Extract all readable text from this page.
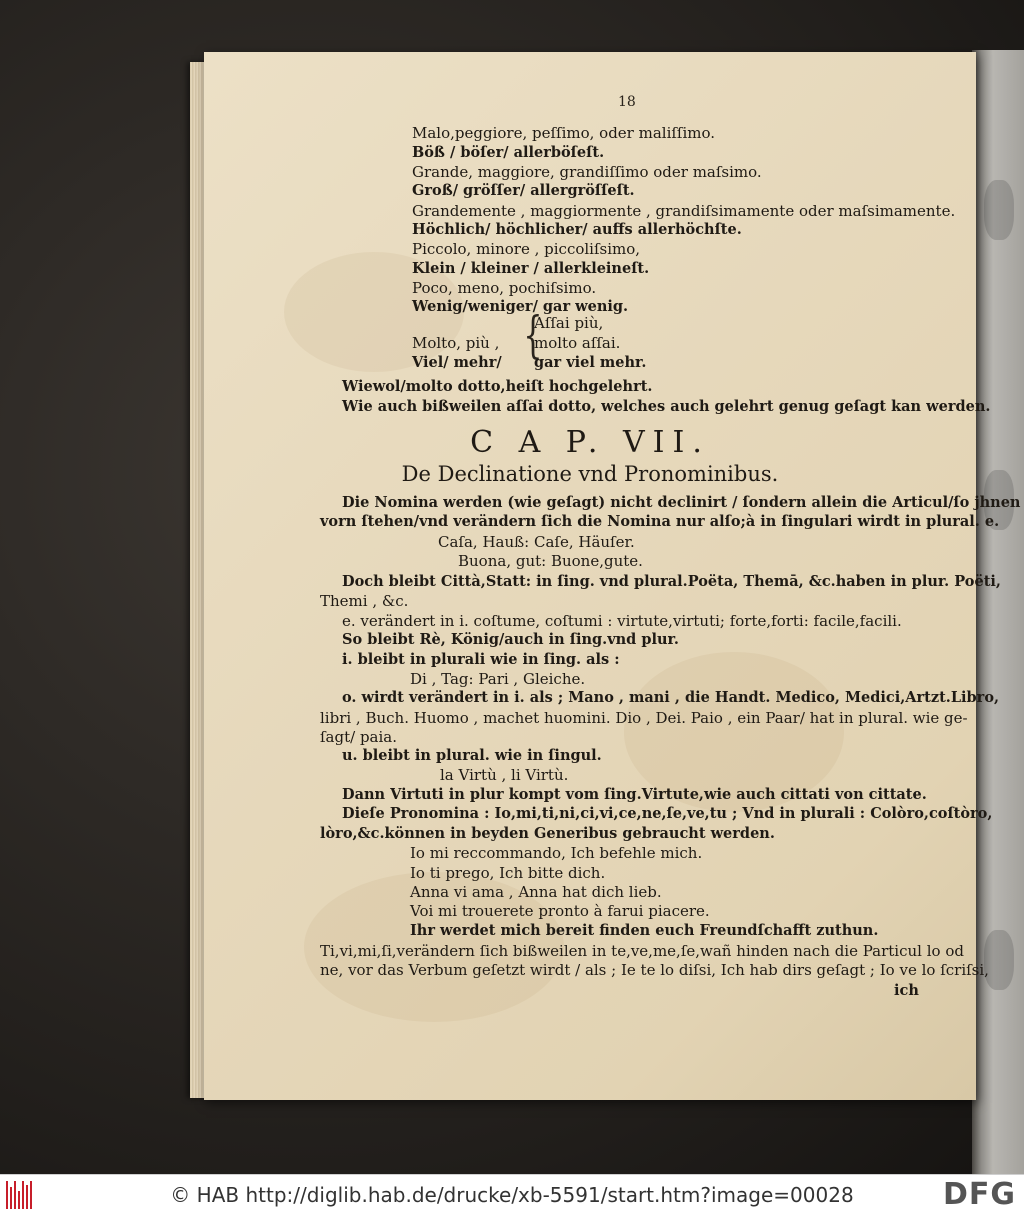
18
Malo,peggiore, peſſimo, oder maliſſimo.
Böß / böſer/ allerböſeſt.
Grande, maggiore, grandiſſimo oder maſsimo.
Groß/ gröſſer/ allergröſſeſt.
Grandemente , maggiormente , grandiſsimamente oder maſsimamente.
Höchlich/ höchlicher/ auffs allerhöchſte.
Piccolo, minore , piccoliſsimo,
Klein / kleiner / allerkleineſt.
Poco, meno, pochiſsimo.
Wenig/weniger/ gar wenig.
Aſſai più,
Molto, più , {
molto aſſai.
Viel/ mehr/ gar viel mehr.
Wiewol/molto dotto,heiſt hochgelehrt.
Wie auch bißweilen aſſai dotto, welches auch gelehrt genug geſagt kan werden.
C A P. VII.
De Declinatione vnd Pronominibus.
Die Nomina werden (wie geſagt) nicht declinirt / ſondern allein die Articul/ſo jhnen
vorn ſtehen/vnd verändern ſich die Nomina nur alſo;à in ſingulari wirdt in plural. e.
Caſa, Hauß: Caſe, Häuſer.
Buona, gut: Buone,gute.
Doch bleibt Città,Statt: in ſing. vnd plural.Poëta, Themā, &c.haben in plur. Poëti,
Themi , &c.
e. verändert in i. coſtume, coſtumi : virtute,virtuti; forte,forti: facile,facili.
So bleibt Rè, König/auch in ſing.vnd plur.
i. bleibt in plurali wie in ſing. als :
Di , Tag: Pari , Gleiche.
o. wirdt verändert in i. als ; Mano , mani , die Handt. Medico, Medici,Artzt.Libro,
libri , Buch. Huomo , machet huomini. Dio , Dei. Paio , ein Paar/ hat in plural. wie ge-
ſagt/ paia.
u. bleibt in plural. wie in ſingul.
la Virtù , li Virtù.
Dann Virtuti in plur kompt vom ſing.Virtute,wie auch cittati von cittate.
Dieſe Pronomina : Io,mi,ti,ni,ci,vi,ce,ne,ſe,ve,tu ; Vnd in plurali : Colòro,coſtòro,
lòro,&c.können in beyden Generibus gebraucht werden.
Io mi reccommando, Ich befehle mich.
Io ti prego, Ich bitte dich.
Anna vi ama , Anna hat dich lieb.
Voi mi trouerete pronto à farui piacere.
Ihr werdet mich bereit finden euch Freundſchafft zuthun.
Ti,vi,mi,ſi,verändern ſich bißweilen in te,ve,me,ſe,wañ hinden nach die Particul lo od
ne, vor das Verbum geſetzt wirdt / als ; Ie te lo diſsi, Ich hab dirs geſagt ; Io ve lo ſcriſsi,
ich
© HAB http://diglib.hab.de/drucke/xb-5591/start.htm?image=00028	DFG
